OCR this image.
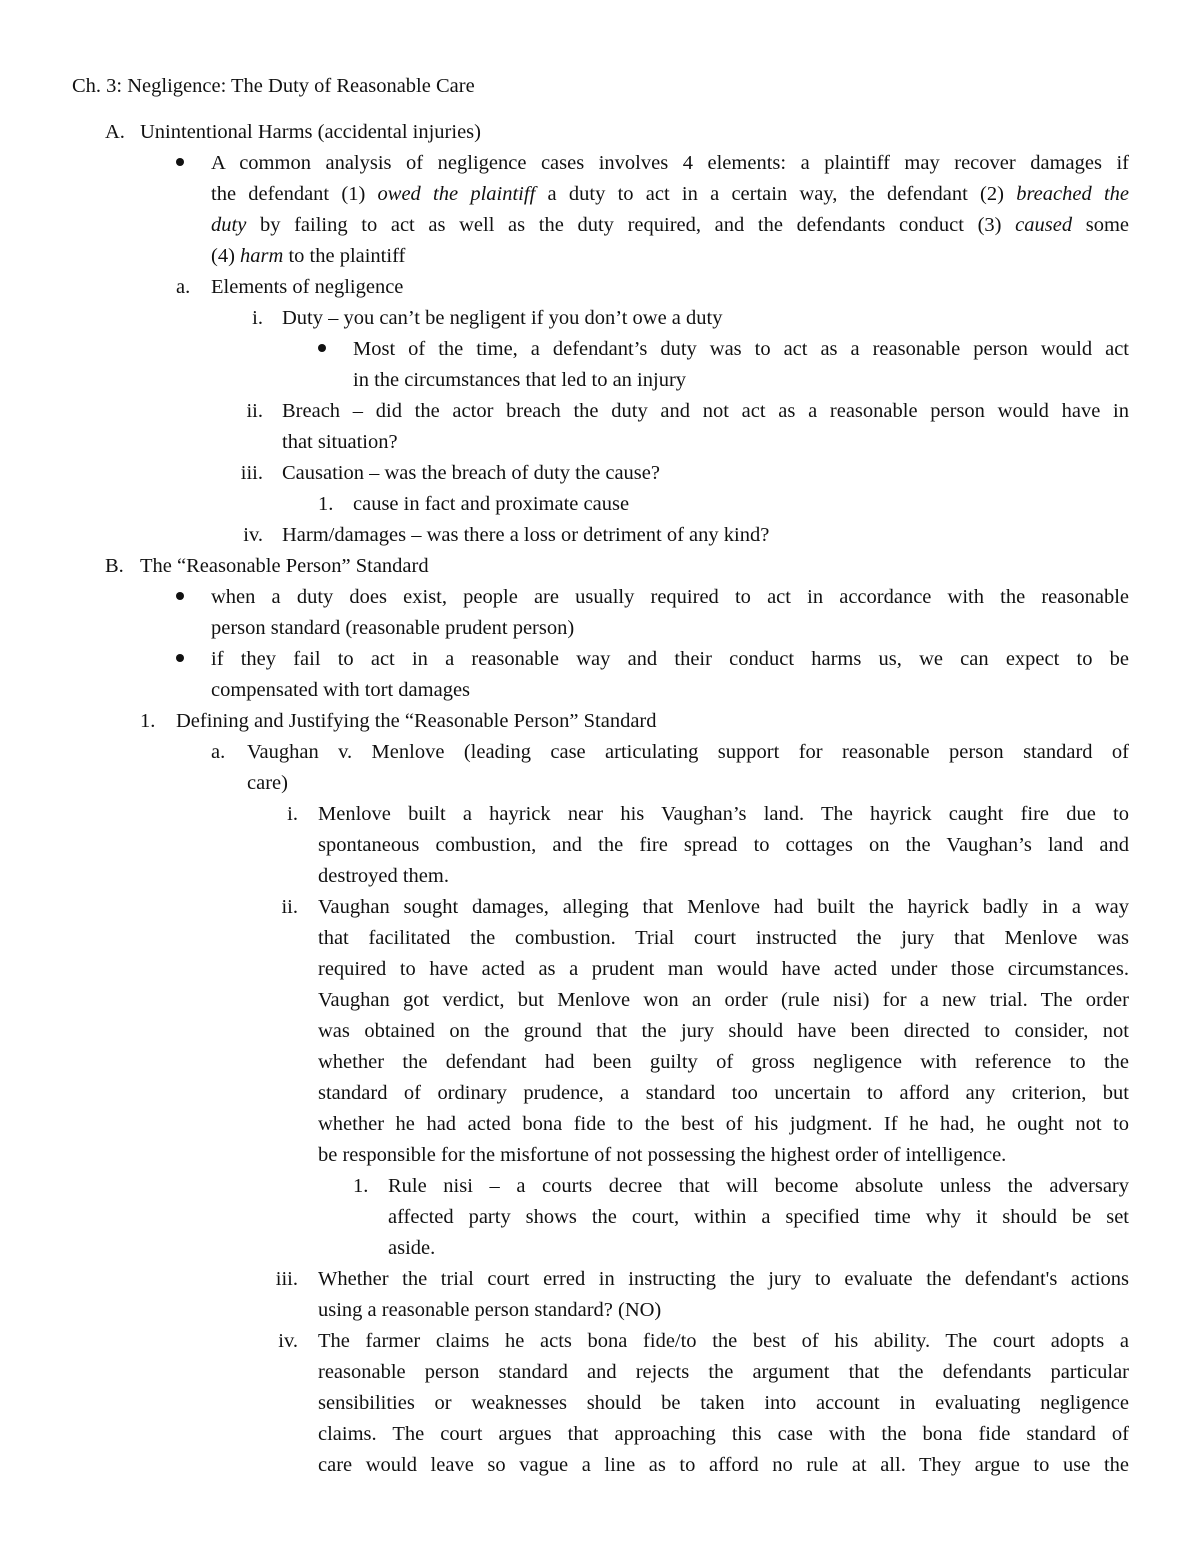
Ch. 3: Negligence: The Duty of Reasonable Care
A. Unintentional Harms (accidental injuries)
A common analysis of negligence cases involves 4 elements: a plaintiff may recover damages if
the defendant (1) owed the plaintiff a duty to act in a certain way, the defendant (2) breached the
duty by failing to act as well as the duty required, and the defendants conduct (3) caused some
(4) harm to the plaintiff
a. Elements of negligence
i. Duty – you can’t be negligent if you don’t owe a duty
Most of the time, a defendant’s duty was to act as a reasonable person would act
in the circumstances that led to an injury
ii. Breach – did the actor breach the duty and not act as a reasonable person would have in
that situation?
iii. Causation – was the breach of duty the cause?
1. cause in fact and proximate cause
iv. Harm/damages – was there a loss or detriment of any kind?
B. The “Reasonable Person” Standard
when a duty does exist, people are usually required to act in accordance with the reasonable
person standard (reasonable prudent person)
if they fail to act in a reasonable way and their conduct harms us, we can expect to be
compensated with tort damages
1. Defining and Justifying the “Reasonable Person” Standard
a. Vaughan v. Menlove (leading case articulating support for reasonable person standard of
care)
i. Menlove built a hayrick near his Vaughan’s land. The hayrick caught fire due to
spontaneous combustion, and the fire spread to cottages on the Vaughan’s land and
destroyed them.
ii. Vaughan sought damages, alleging that Menlove had built the hayrick badly in a way
that facilitated the combustion. Trial court instructed the jury that Menlove was
required to have acted as a prudent man would have acted under those circumstances.
Vaughan got verdict, but Menlove won an order (rule nisi) for a new trial. The order
was obtained on the ground that the jury should have been directed to consider, not
whether the defendant had been guilty of gross negligence with reference to the
standard of ordinary prudence, a standard too uncertain to afford any criterion, but
whether he had acted bona fide to the best of his judgment. If he had, he ought not to
be responsible for the misfortune of not possessing the highest order of intelligence.
1. Rule nisi – a courts decree that will become absolute unless the adversary
affected party shows the court, within a specified time why it should be set
aside.
iii. Whether the trial court erred in instructing the jury to evaluate the defendant's actions
using a reasonable person standard? (NO)
iv. The farmer claims he acts bona fide/to the best of his ability. The court adopts a
reasonable person standard and rejects the argument that the defendants particular
sensibilities or weaknesses should be taken into account in evaluating negligence
claims. The court argues that approaching this case with the bona fide standard of
care would leave so vague a line as to afford no rule at all. They argue to use the
